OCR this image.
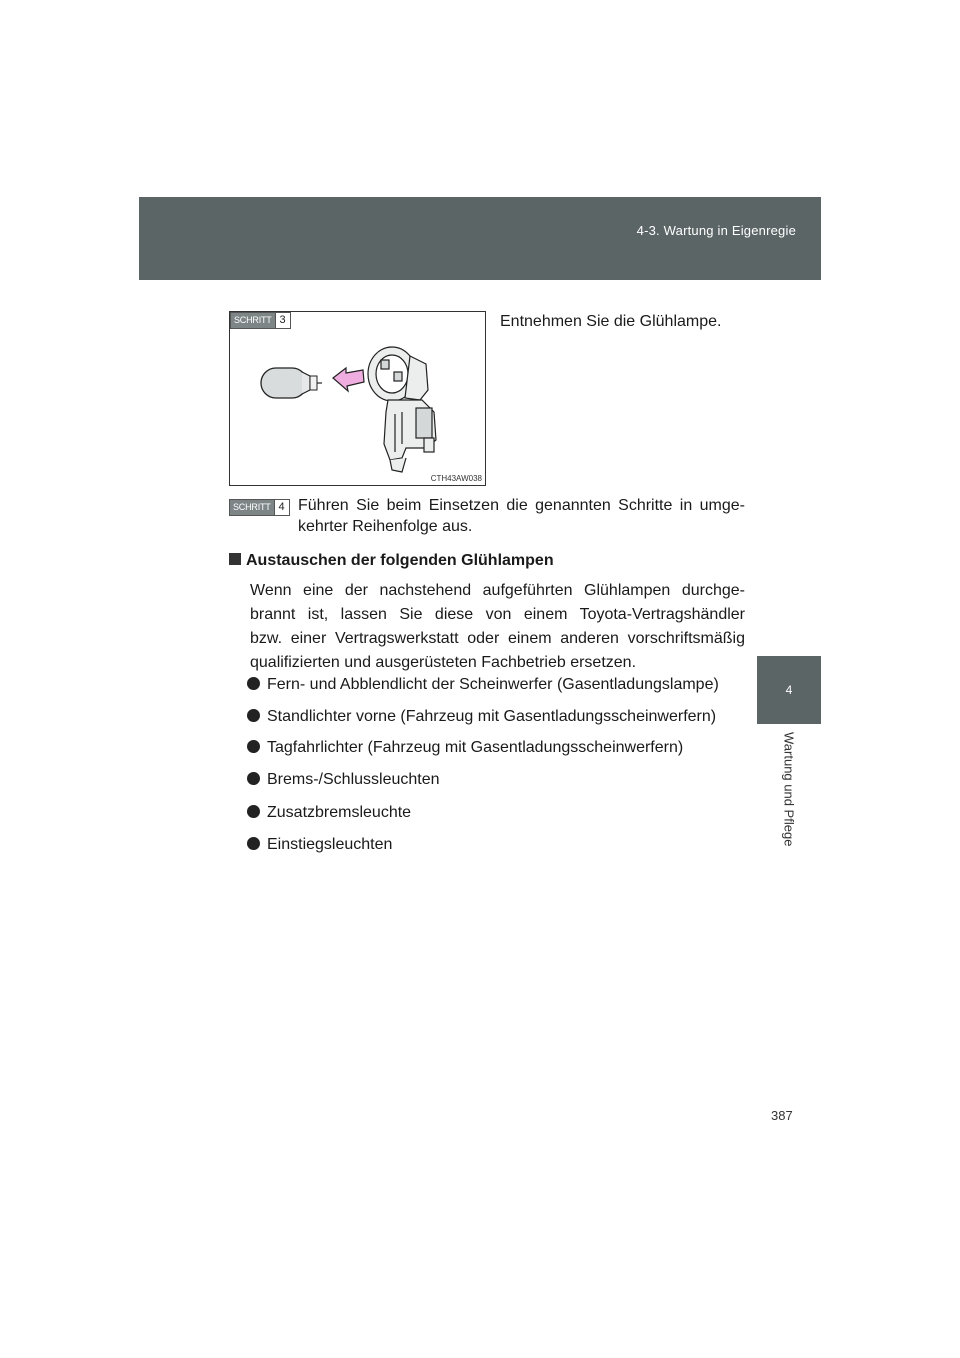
4-3. Wartung in Eigenregie
4
Wartung und Pflege
SCHRITT 3
CTH43AW038
Entnehmen Sie die Glühlampe.
SCHRITT 4 Führen Sie beim Einsetzen die genannten Schritte in umge-
kehrter Reihenfolge aus.
Austauschen der folgenden Glühlampen
Wenn eine der nachstehend aufgeführten Glühlampen durchge-
brannt ist, lassen Sie diese von einem Toyota-Vertragshändler
bzw. einer Vertragswerkstatt oder einem anderen vorschriftsmäßig
qualifizierten und ausgerüsteten Fachbetrieb ersetzen.
Fern- und Abblendlicht der Scheinwerfer (Gasentladungslampe)
Standlichter vorne (Fahrzeug mit Gasentladungsscheinwerfern)
Tagfahrlichter (Fahrzeug mit Gasentladungsscheinwerfern)
Brems-/Schlussleuchten
Zusatzbremsleuchte
Einstiegsleuchten
387
